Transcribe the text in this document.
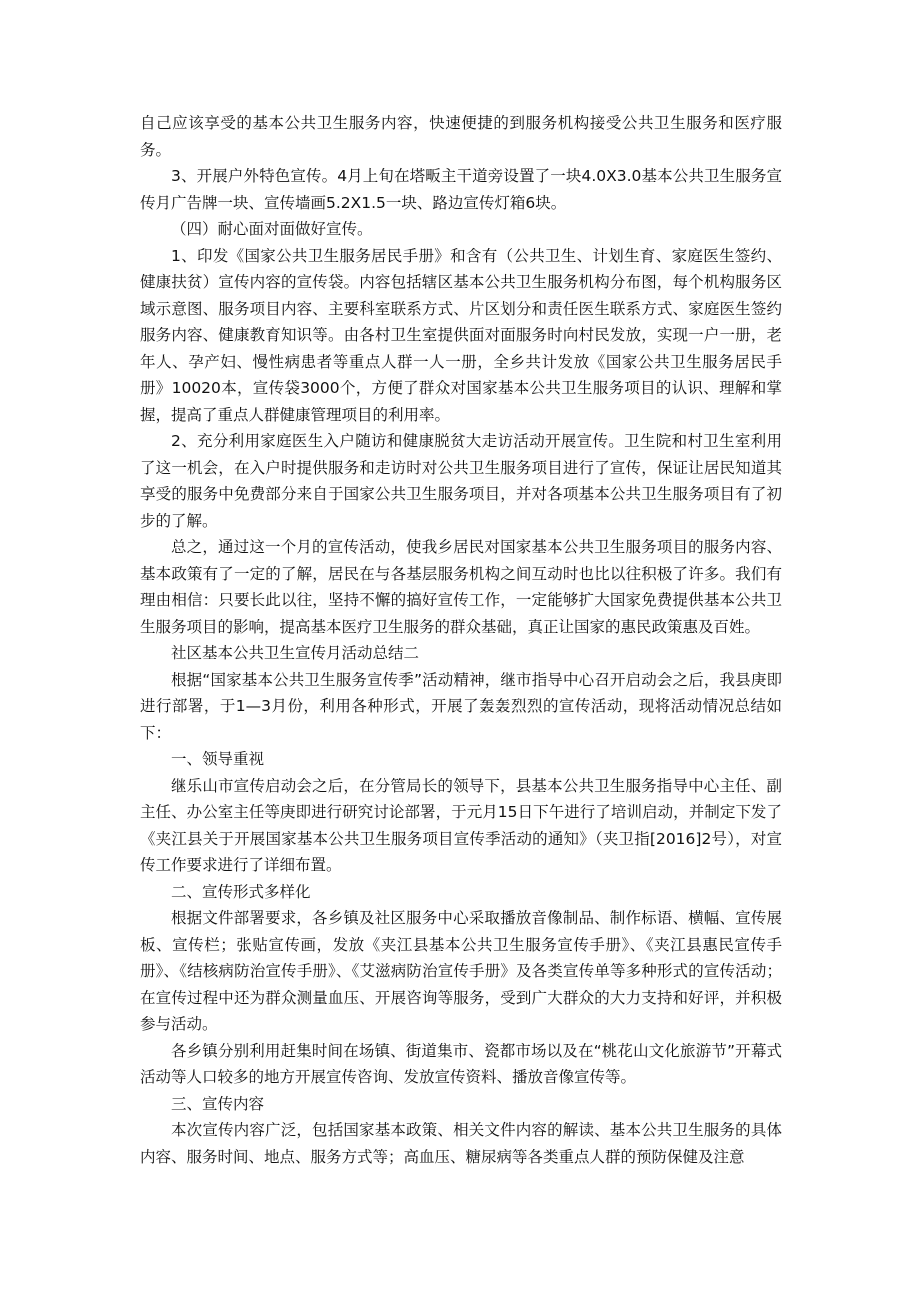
自己应该享受的基本公共卫生服务内容，快速便捷的到服务机构接受公共卫生服务和医疗服务。

3、开展户外特色宣传。4月上旬在塔畈主干道旁设置了一块4.0X3.0基本公共卫生服务宣传月广告牌一块、宣传墙画5.2X1.5一块、路边宣传灯箱6块。

（四）耐心面对面做好宣传。

1、印发《国家公共卫生服务居民手册》和含有（公共卫生、计划生育、家庭医生签约、健康扶贫）宣传内容的宣传袋。内容包括辖区基本公共卫生服务机构分布图，每个机构服务区域示意图、服务项目内容、主要科室联系方式、片区划分和责任医生联系方式、家庭医生签约服务内容、健康教育知识等。由各村卫生室提供面对面服务时向村民发放，实现一户一册，老年人、孕产妇、慢性病患者等重点人群一人一册，全乡共计发放《国家公共卫生服务居民手册》10020本，宣传袋3000个，方便了群众对国家基本公共卫生服务项目的认识、理解和掌握，提高了重点人群健康管理项目的利用率。

2、充分利用家庭医生入户随访和健康脱贫大走访活动开展宣传。卫生院和村卫生室利用了这一机会，在入户时提供服务和走访时对公共卫生服务项目进行了宣传，保证让居民知道其享受的服务中免费部分来自于国家公共卫生服务项目，并对各项基本公共卫生服务项目有了初步的了解。

总之，通过这一个月的宣传活动，使我乡居民对国家基本公共卫生服务项目的服务内容、基本政策有了一定的了解，居民在与各基层服务机构之间互动时也比以往积极了许多。我们有理由相信：只要长此以往，坚持不懈的搞好宣传工作，一定能够扩大国家免费提供基本公共卫生服务项目的影响，提高基本医疗卫生服务的群众基础，真正让国家的惠民政策惠及百姓。

社区基本公共卫生宣传月活动总结二

根据“国家基本公共卫生服务宣传季”活动精神，继市指导中心召开启动会之后，我县庚即进行部署，于1—3月份，利用各种形式，开展了轰轰烈烈的宣传活动，现将活动情况总结如下：

一、领导重视

继乐山市宣传启动会之后，在分管局长的领导下，县基本公共卫生服务指导中心主任、副主任、办公室主任等庚即进行研究讨论部署，于元月15日下午进行了培训启动，并制定下发了《夹江县关于开展国家基本公共卫生服务项目宣传季活动的通知》（夹卫指[2016]2号），对宣传工作要求进行了详细布置。

二、宣传形式多样化

根据文件部署要求，各乡镇及社区服务中心采取播放音像制品、制作标语、横幅、宣传展板、宣传栏；张贴宣传画，发放《夹江县基本公共卫生服务宣传手册》、《夹江县惠民宣传手册》、《结核病防治宣传手册》、《艾滋病防治宣传手册》及各类宣传单等多种形式的宣传活动；在宣传过程中还为群众测量血压、开展咨询等服务，受到广大群众的大力支持和好评，并积极参与活动。

各乡镇分别利用赶集时间在场镇、街道集市、瓷都市场以及在“桃花山文化旅游节”开幕式活动等人口较多的地方开展宣传咨询、发放宣传资料、播放音像宣传等。

三、宣传内容

本次宣传内容广泛，包括国家基本政策、相关文件内容的解读、基本公共卫生服务的具体内容、服务时间、地点、服务方式等；高血压、糖尿病等各类重点人群的预防保健及注意
